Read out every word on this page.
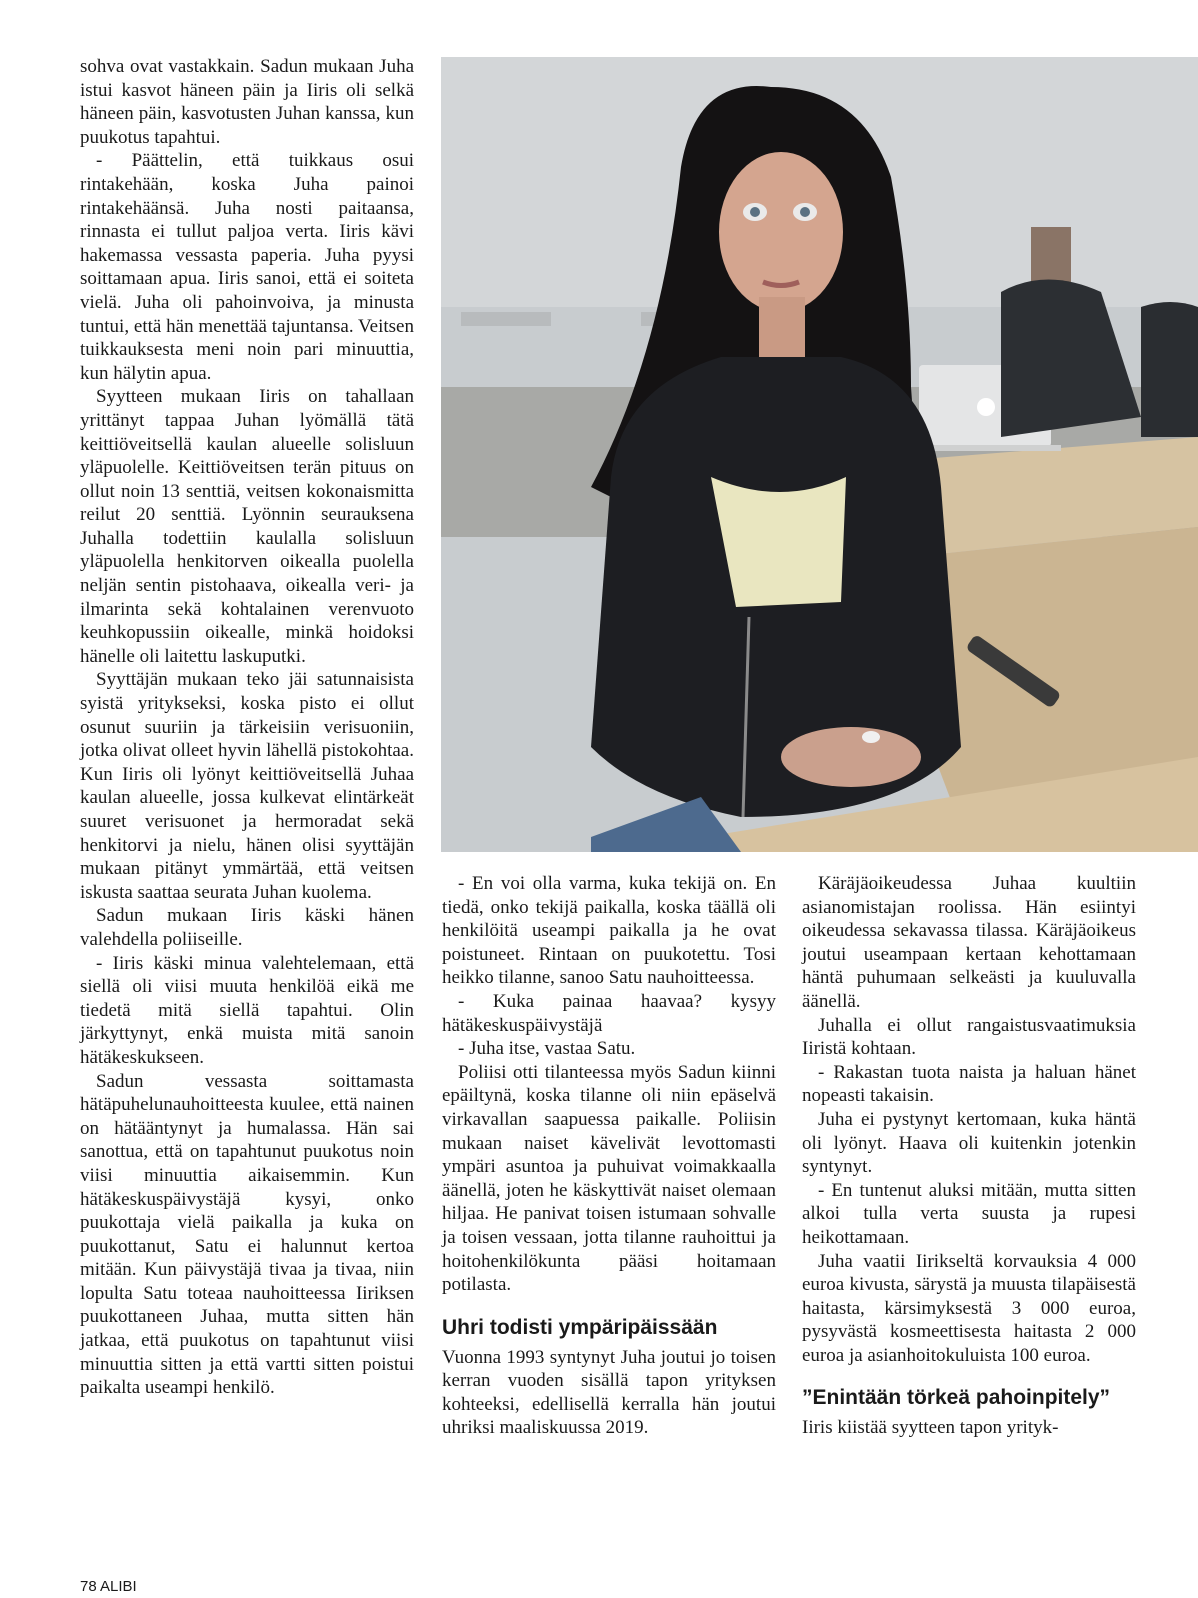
sohva ovat vastakkain. Sadun mukaan Juha istui kasvot häneen päin ja Iiris oli selkä häneen päin, kasvotusten Juhan kanssa, kun puukotus tapahtui.

- Päättelin, että tuikkaus osui rintakehään, koska Juha painoi rintakehäänsä. Juha nosti paitaansa, rinnasta ei tullut paljoa verta. Iiris kävi hakemassa vessasta paperia. Juha pyysi soittamaan apua. Iiris sanoi, että ei soiteta vielä. Juha oli pahoinvoiva, ja minusta tuntui, että hän menettää tajuntansa. Veitsen tuikkauksesta meni noin pari minuuttia, kun hälytin apua.

Syytteen mukaan Iiris on tahallaan yrittänyt tappaa Juhan lyömällä tätä keittiöveitsellä kaulan alueelle solisluun yläpuolelle. Keittiöveitsen terän pituus on ollut noin 13 senttiä, veitsen kokonaismitta reilut 20 senttiä. Lyönnin seurauksena Juhalla todettiin kaulalla solisluun yläpuolella henkitorven oikealla puolella neljän sentin pistohaava, oikealla veri- ja ilmarinta sekä kohtalainen verenvuoto keuhkopussiin oikealle, minkä hoidoksi hänelle oli laitettu laskuputki.

Syyttäjän mukaan teko jäi satunnaisista syistä yritykseksi, koska pisto ei ollut osunut suuriin ja tärkeisiin verisuoniin, jotka olivat olleet hyvin lähellä pistokohtaa. Kun Iiris oli lyönyt keittiöveitsellä Juhaa kaulan alueelle, jossa kulkevat elintärkeät suuret verisuonet ja hermoradat sekä henkitorvi ja nielu, hänen olisi syyttäjän mukaan pitänyt ymmärtää, että veitsen iskusta saattaa seurata Juhan kuolema.

Sadun mukaan Iiris käski hänen valehdella poliiseille.

- Iiris käski minua valehtelemaan, että siellä oli viisi muuta henkilöä eikä me tiedetä mitä siellä tapahtui. Olin järkyttynyt, enkä muista mitä sanoin hätäkeskukseen.

Sadun vessasta soittamasta hätäpuhelunauhoitteesta kuulee, että nainen on hätääntynyt ja humalassa. Hän sai sanottua, että on tapahtunut puukotus noin viisi minuuttia aikaisemmin. Kun hätäkeskuspäivystäjä kysyi, onko puukottaja vielä paikalla ja kuka on puukottanut, Satu ei halunnut kertoa mitään. Kun päivystäjä tivaa ja tivaa, niin lopulta Satu toteaa nauhoitteessa Iiriksen puukottaneen Juhaa, mutta sitten hän jatkaa, että puukotus on tapahtunut viisi minuuttia sitten ja että vartti sitten poistui paikalta useampi henkilö.

- En voi olla varma, kuka tekijä on. En tiedä, onko tekijä paikalla, koska täällä oli henkilöitä useampi paikalla ja he ovat poistuneet. Rintaan on puukotettu. Tosi heikko tilanne, sanoo Satu nauhoitteessa.

- Kuka painaa haavaa? kysyy hätäkeskuspäivystäjä

- Juha itse, vastaa Satu.

Poliisi otti tilanteessa myös Sadun kiinni epäiltynä, koska tilanne oli niin epäselvä virkavallan saapuessa paikalle. Poliisin mukaan naiset kävelivät levottomasti ympäri asuntoa ja puhuivat voimakkaalla äänellä, joten he käskyttivät naiset olemaan hiljaa. He panivat toisen istumaan sohvalle ja toisen vessaan, jotta tilanne rauhoittui ja hoitohenkilökunta pääsi hoitamaan potilasta.

Uhri todisti ympäripäissään

Vuonna 1993 syntynyt Juha joutui jo toisen kerran vuoden sisällä tapon yrityksen kohteeksi, edellisellä kerralla hän joutui uhriksi maaliskuussa 2019.

Käräjäoikeudessa Juhaa kuultiin asianomistajan roolissa. Hän esiintyi oikeudessa sekavassa tilassa. Käräjäoikeus joutui useampaan kertaan kehottamaan häntä puhumaan selkeästi ja kuuluvalla äänellä.

Juhalla ei ollut rangaistusvaatimuksia Iiristä kohtaan.

- Rakastan tuota naista ja haluan hänet nopeasti takaisin.

Juha ei pystynyt kertomaan, kuka häntä oli lyönyt. Haava oli kuitenkin jotenkin syntynyt.

- En tuntenut aluksi mitään, mutta sitten alkoi tulla verta suusta ja rupesi heikottamaan.

Juha vaatii Iirikseltä korvauksia 4 000 euroa kivusta, särystä ja muusta tilapäisestä haitasta, kärsimyksestä 3 000 euroa, pysyvästä kosmeettisesta haitasta 2 000 euroa ja asianhoitokuluista 100 euroa.

”Enintään törkeä pahoinpitely”

Iiris kiistää syytteen tapon yrityk-

78 ALIBI
